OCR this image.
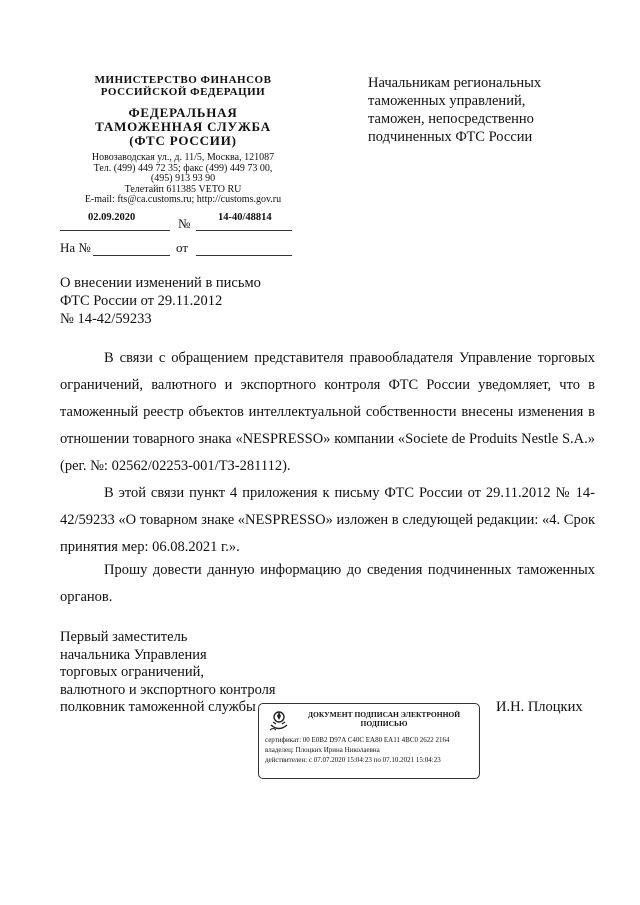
МИНИСТЕРСТВО ФИНАНСОВ
РОССИЙСКОЙ ФЕДЕРАЦИИ
ФЕДЕРАЛЬНАЯ
ТАМОЖЕННАЯ СЛУЖБА
(ФТС РОССИИ)
Новозаводская ул., д. 11/5, Москва, 121087
Тел. (499) 449 72 35; факс (499) 449 73 00,
(495) 913 93 90
Телетайп 611385 VETO RU
E-mail: fts@ca.customs.ru; http://customs.gov.ru
02.09.2020	№	14-40/48814
На №	от
Начальникам региональных
таможенных управлений,
таможен, непосредственно
подчиненных ФТС России
О внесении изменений в письмо
ФТС России от 29.11.2012
№ 14-42/59233
В связи с обращением представителя правообладателя Управление торговых ограничений, валютного и экспортного контроля ФТС России уведомляет, что в таможенный реестр объектов интеллектуальной собственности внесены изменения в отношении товарного знака «NESPRESSO» компании «Societe de Produits Nestle S.A.» (рег. №: 02562/02253-001/ТЗ-281112).
В этой связи пункт 4 приложения к письму ФТС России от 29.11.2012 № 14-42/59233 «О товарном знаке «NESPRESSO» изложен в следующей редакции: «4. Срок принятия мер: 06.08.2021 г.».
Прошу довести данную информацию до сведения подчиненных таможенных органов.
Первый заместитель
начальника Управления
торговых ограничений,
валютного и экспортного контроля
полковник таможенной службы	И.Н. Плоцких
ДОКУМЕНТ ПОДПИСАН ЭЛЕКТРОННОЙ ПОДПИСЬЮ
сертификат: 00 E0B2 D97A C40C EA80 EA11 4BC0 2622 2164
владелец: Плоцких Ирина Николаевна
действителен: с 07.07.2020 15:04:23 по 07.10.2021 15:04:23
